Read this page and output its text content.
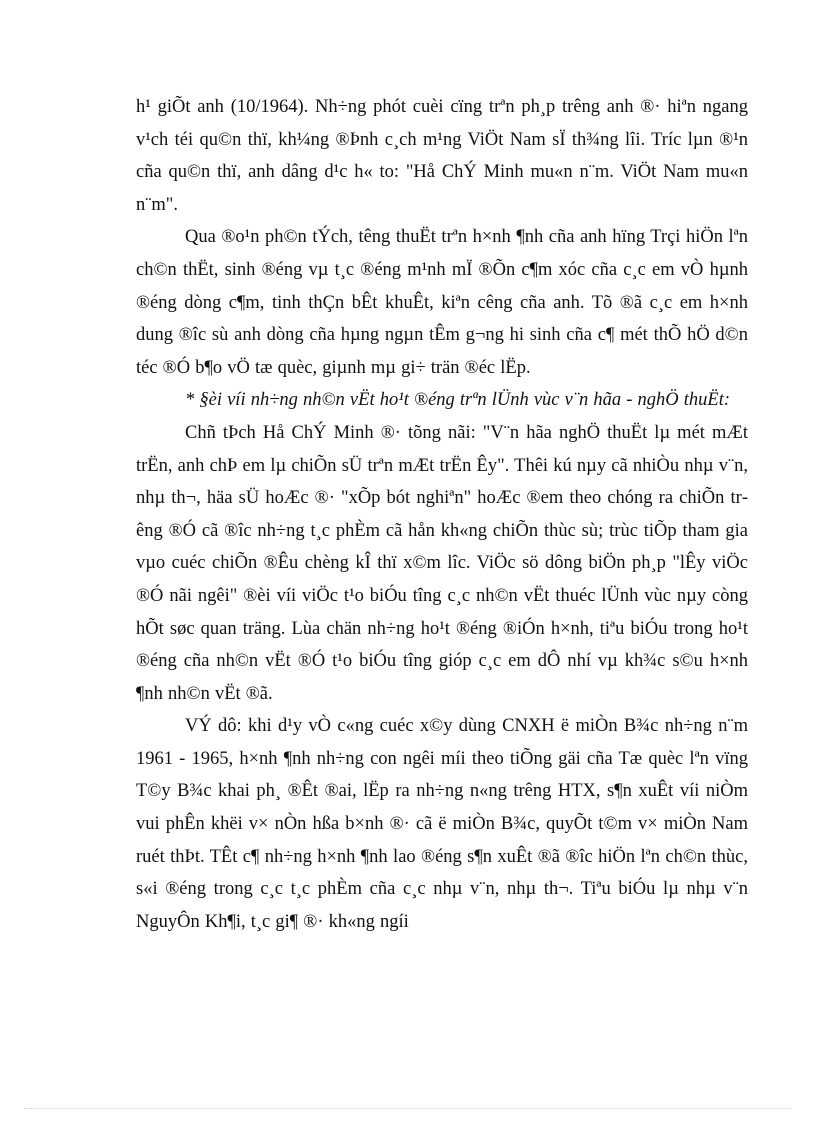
h¹ giÕt anh (10/1964). Nh÷ng phót cuèi cïng trªn ph¸p trêng anh ®· hiªn ngang v¹ch téi qu©n thï, kh¼ng ®Þnh c¸ch m¹ng ViÖt Nam sÏ th¾ng lîi. Tríc lµn ®¹n cña qu©n thï, anh dâng d¹c h« to: "Hå ChÝ Minh mu«n n¨m. ViÖt Nam mu«n n¨m".

Qua ®o¹n ph©n tÝch, têng thuËt trªn h×nh ¶nh cña anh hïng Trçi hiÖn lªn ch©n thËt, sinh ®éng vµ t¸c ®éng m¹nh mÏ ®Õn c¶m xóc cña c¸c em vÒ hµnh ®éng dòng c¶m, tinh thÇn bÊt khuÊt, kiªn cêng cña anh. Tõ ®ã c¸c em h×nh dung ®îc sù anh dòng cña hµng ngµn tÊm g¬ng hi sinh cña c¶ mét thÕ hÖ d©n téc ®Ó b¶o vÖ tæ quèc, giµnh mµ gi÷ trän ®éc lËp.

* §èi víi nh÷ng nh©n vËt ho¹t ®éng trªn lÜnh vùc v¨n hãa - nghÖ thuËt:

Chñ tÞch Hå ChÝ Minh ®· tõng nãi: "V¨n hãa nghÖ thuËt lµ mét mÆt trËn, anh chÞ em lµ chiÕn sÜ trªn mÆt trËn Êy". Thêi kú nµy cã nhiÒu nhµ v¨n, nhµ th¬, häa sÜ hoÆc ®· "xÕp bót nghiªn" hoÆc ®em theo chóng ra chiÕn trêng ®Ó cã ®îc nh÷ng t¸c phÈm cã hån kh«ng chiÕn thùc sù; trùc tiÕp tham gia vµo cuéc chiÕn ®Êu chèng kÎ thï x©m lîc. ViÖc sö dông biÖn ph¸p "lÊy viÖc ®Ó nãi ngêi" ®èi víi viÖc t¹o biÓu tîng c¸c nh©n vËt thuéc lÜnh vùc nµy còng hÕt søc quan träng. Lùa chän nh÷ng ho¹t ®éng ®iÓn h×nh, tiªu biÓu trong ho¹t ®éng cña nh©n vËt ®Ó t¹o biÓu tîng gióp c¸c em dÔ nhí vµ kh¾c s©u h×nh ¶nh nh©n vËt ®ã.

VÝ dô: khi d¹y vÒ c«ng cuéc x©y dùng CNXH ë miÒn B¾c nh÷ng n¨m 1961 - 1965, h×nh ¶nh nh÷ng con ngêi míi theo tiÕng gäi cña Tæ quèc lªn vïng T©y B¾c khai ph¸ ®Êt ®ai, lËp ra nh÷ng n«ng trêng HTX, s¶n xuÊt víi niÒm vui phÊn khëi v× nÒn hßa b×nh ®· cã ë miÒn B¾c, quyÕt t©m v× miÒn Nam ruét thÞt. TÊt c¶ nh÷ng h×nh ¶nh lao ®éng s¶n xuÊt ®ã ®îc hiÖn lªn ch©n thùc, s«i ®éng trong c¸c t¸c phÈm cña c¸c nhµ v¨n, nhµ th¬. Tiªu biÓu lµ nhµ v¨n NguyÔn Kh¶i, t¸c gi¶ ®· kh«ng ngíi
